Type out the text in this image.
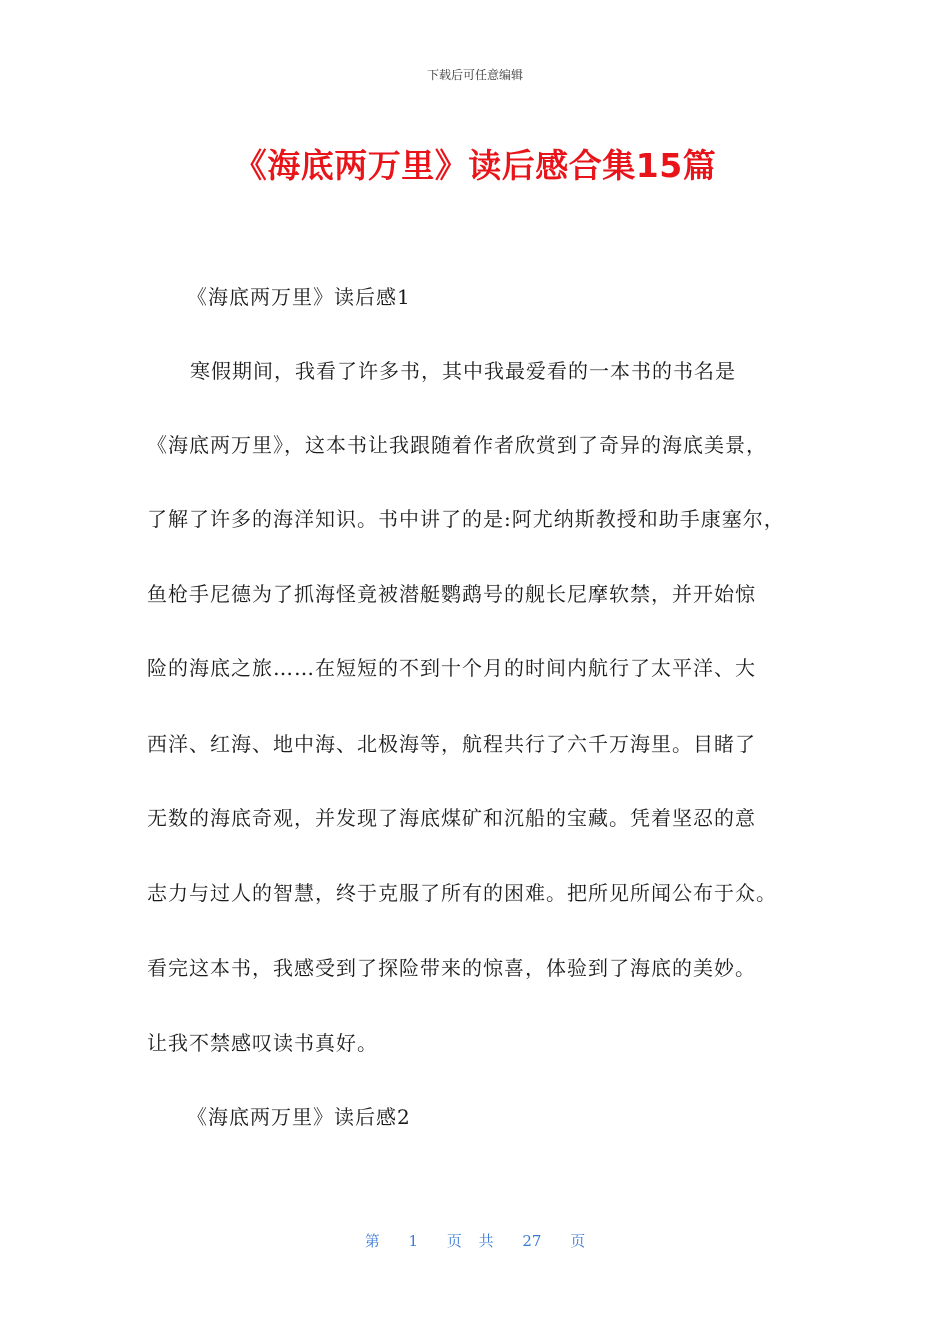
下载后可任意编辑
《海底两万里》读后感合集15篇
《海底两万里》读后感1
寒假期间，我看了许多书，其中我最爱看的一本书的书名是
《海底两万里》，这本书让我跟随着作者欣赏到了奇异的海底美景，
了解了许多的海洋知识。书中讲了的是:阿尤纳斯教授和助手康塞尔，
鱼枪手尼德为了抓海怪竟被潜艇鹦鹉号的舰长尼摩软禁，并开始惊
险的海底之旅……在短短的不到十个月的时间内航行了太平洋、大
西洋、红海、地中海、北极海等，航程共行了六千万海里。目睹了
无数的海底奇观，并发现了海底煤矿和沉船的宝藏。凭着坚忍的意
志力与过人的智慧，终于克服了所有的困难。把所见所闻公布于众。
看完这本书，我感受到了探险带来的惊喜，体验到了海底的美妙。
让我不禁感叹读书真好。
《海底两万里》读后感2
第 1 页 共 27 页
